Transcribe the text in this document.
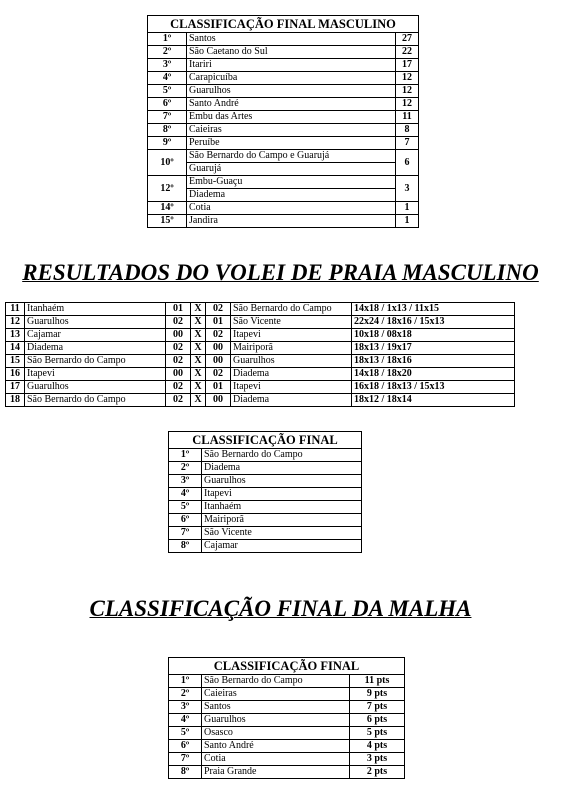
CLASSIFICAÇÃO FINAL MASCULINO		
1º	Santos	27
2º	São Caetano do Sul	22
3º	Itariri	17
4º	Carapicuíba	12
5º	Guarulhos	12
6º	Santo André	12
7º	Embu das Artes	11
8º	Caieiras	8
9º	Peruíbe	7
10º	São Bernardo do Campo e Guarujá	6
	Guarujá	
12º	Embu-Guaçu	3
	Diadema	
14º	Cotia	1
15º	Jandira	1
RESULTADOS DO VOLEI DE PRAIA MASCULINO
11	Itanhaém	01	X	02	São Bernardo do Campo	14x18 / 1x13 / 11x15
12	Guarulhos	02	X	01	São Vicente	22x24 / 18x16 / 15x13
13	Cajamar	00	X	02	Itapevi	10x18 / 08x18
14	Diadema	02	X	00	Mairiporã	18x13 / 19x17
15	São Bernardo do Campo	02	X	00	Guarulhos	18x13 / 18x16
16	Itapevi	00	X	02	Diadema	14x18 / 18x20
17	Guarulhos	02	X	01	Itapevi	16x18 / 18x13 / 15x13
18	São Bernardo do Campo	02	X	00	Diadema	18x12 / 18x14
CLASSIFICAÇÃO FINAL	
1º	São Bernardo do Campo
2º	Diadema
3º	Guarulhos
4º	Itapevi
5º	Itanhaém
6º	Mairiporã
7º	São Vicente
8º	Cajamar
CLASSIFICAÇÃO FINAL DA MALHA
CLASSIFICAÇÃO FINAL		
1º	São Bernardo do Campo	11 pts
2º	Caieiras	9 pts
3º	Santos	7 pts
4º	Guarulhos	6 pts
5º	Osasco	5 pts
6º	Santo André	4 pts
7º	Cotia	3 pts
8º	Praia Grande	2 pts
